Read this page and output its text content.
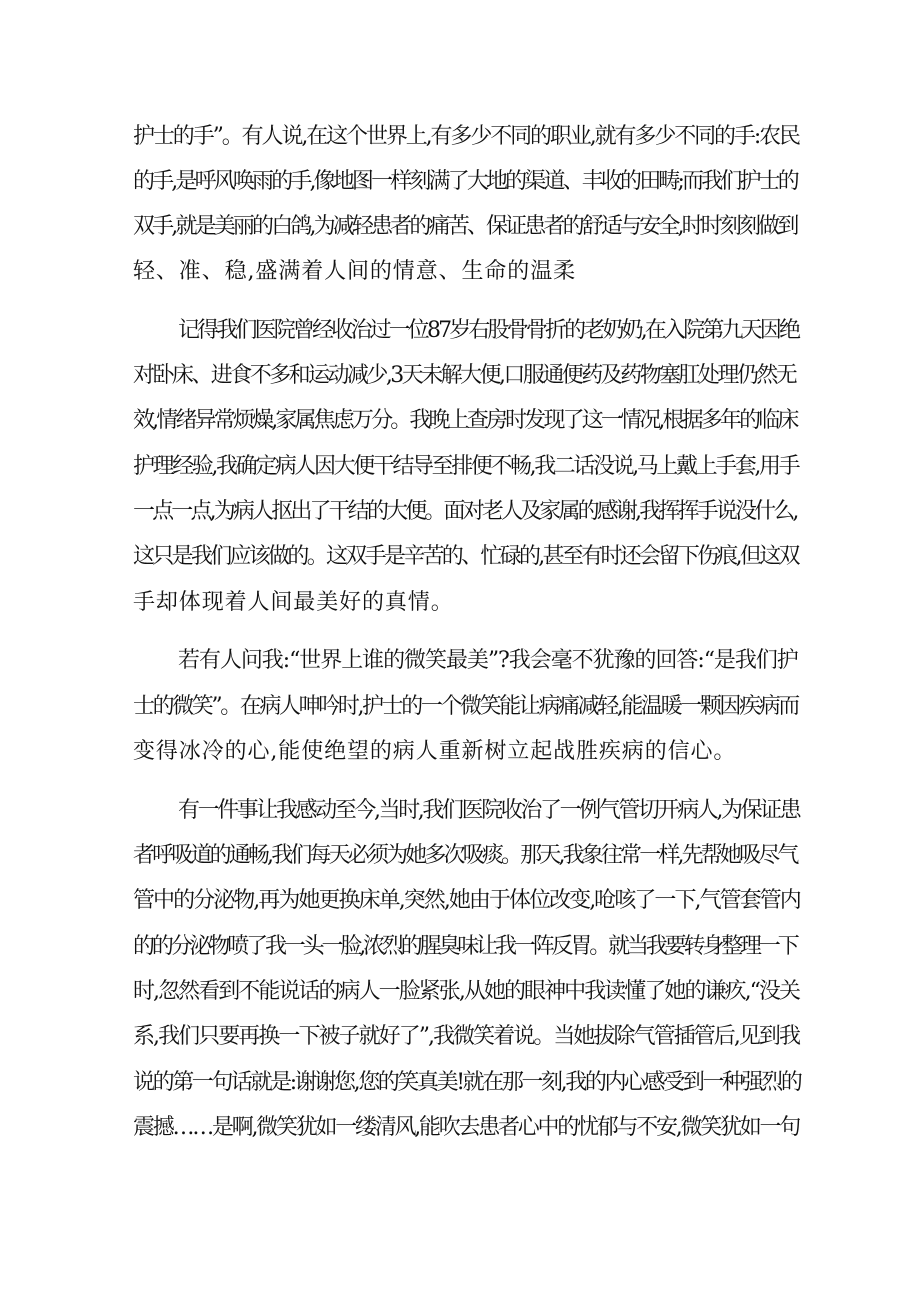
护士的手”。有人说,在这个世界上,有多少不同的职业,就有多少不同的手:农民
的手,是呼风唤雨的手,像地图一样刻满了大地的渠道、丰收的田畴;而我们护士的
双手,就是美丽的白鸽,为减轻患者的痛苦、保证患者的舒适与安全,时时刻刻做到
轻、准、稳,盛满着人间的情意、生命的温柔
记得我们医院曾经收治过一位87岁右股骨骨折的老奶奶,在入院第九天因绝
对卧床、进食不多和运动减少,3天未解大便,口服通便药及药物塞肛处理仍然无
效,情绪异常烦燥,家属焦虑万分。我晚上查房时发现了这一情况,根据多年的临床
护理经验,我确定病人因大便干结导至排便不畅,我二话没说,马上戴上手套,用手
一点一点,为病人抠出了干结的大便。面对老人及家属的感谢,我挥挥手说没什么,
这只是我们应该做的。这双手是辛苦的、忙碌的,甚至有时还会留下伤痕,但这双
手却体现着人间最美好的真情。
若有人问我:“世界上谁的微笑最美”?我会毫不犹豫的回答:“是我们护
士的微笑”。在病人呻吟时,护士的一个微笑能让病痛减轻,能温暖一颗因疾病而
变得冰冷的心,能使绝望的病人重新树立起战胜疾病的信心。
有一件事让我感动至今,当时,我们医院收治了一例气管切开病人,为保证患
者呼吸道的通畅,我们每天必须为她多次吸痰。那天,我象往常一样,先帮她吸尽气
管中的分泌物,再为她更换床单,突然,她由于体位改变,呛咳了一下,气管套管内
的的分泌物喷了我一头一脸,浓烈的腥臭味让我一阵反胃。就当我要转身整理一下
时,忽然看到不能说话的病人一脸紧张,从她的眼神中我读懂了她的谦疚,“没关
系,我们只要再换一下被子就好了”,我微笑着说。当她拔除气管插管后,见到我
说的第一句话就是:谢谢您,您的笑真美!就在那一刻,我的内心感受到一种强烈的
震撼……是啊,微笑犹如一缕清风,能吹去患者心中的忧郁与不安,微笑犹如一句
